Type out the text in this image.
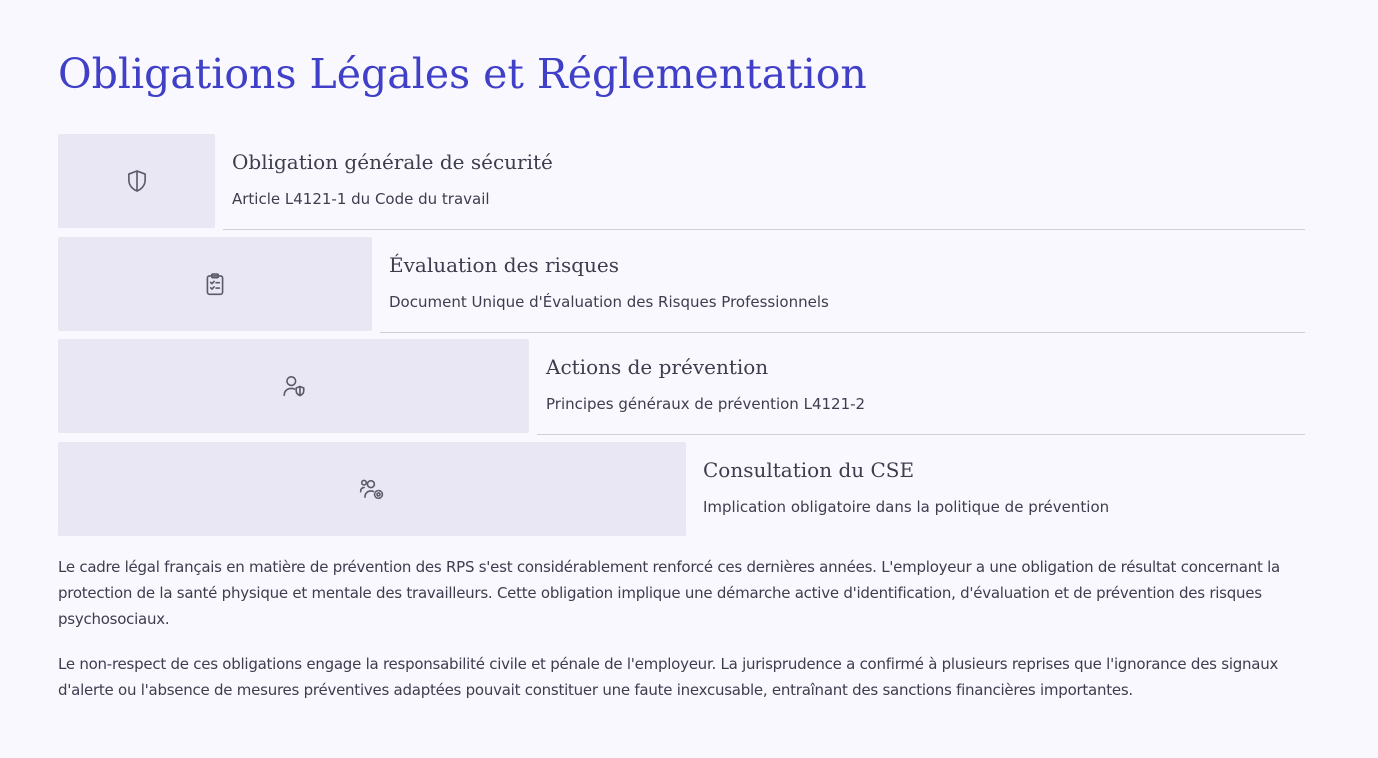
Obligations Légales et Réglementation
Obligation générale de sécurité
Article L4121-1 du Code du travail
Évaluation des risques
Document Unique d'Évaluation des Risques Professionnels
Actions de prévention
Principes généraux de prévention L4121-2
Consultation du CSE
Implication obligatoire dans la politique de prévention

Le cadre légal français en matière de prévention des RPS s'est considérablement renforcé ces dernières années. L'employeur a une obligation de résultat concernant la protection de la santé physique et mentale des travailleurs. Cette obligation implique une démarche active d'identification, d'évaluation et de prévention des risques psychosociaux.

Le non-respect de ces obligations engage la responsabilité civile et pénale de l'employeur. La jurisprudence a confirmé à plusieurs reprises que l'ignorance des signaux d'alerte ou l'absence de mesures préventives adaptées pouvait constituer une faute inexcusable, entraînant des sanctions financières importantes.
